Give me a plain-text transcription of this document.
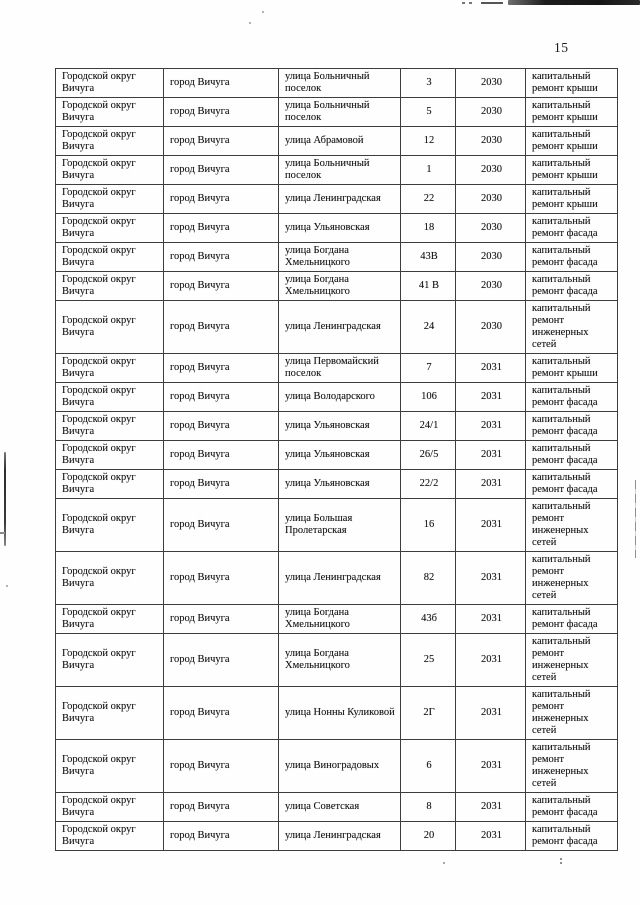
15
Городской округ Вичуга	город Вичуга	улица Больничный поселок	3	2030	капитальный ремонт крыши
Городской округ Вичуга	город Вичуга	улица Больничный поселок	5	2030	капитальный ремонт крыши
Городской округ Вичуга	город Вичуга	улица Абрамовой	12	2030	капитальный ремонт крыши
Городской округ Вичуга	город Вичуга	улица Больничный поселок	1	2030	капитальный ремонт крыши
Городской округ Вичуга	город Вичуга	улица Ленинградская	22	2030	капитальный ремонт крыши
Городской округ Вичуга	город Вичуга	улица Ульяновская	18	2030	капитальный ремонт фасада
Городской округ Вичуга	город Вичуга	улица Богдана Хмельницкого	43В	2030	капитальный ремонт фасада
Городской округ Вичуга	город Вичуга	улица Богдана Хмельницкого	41 В	2030	капитальный ремонт фасада
Городской округ Вичуга	город Вичуга	улица Ленинградская	24	2030	капитальный ремонт инженерных сетей
Городской округ Вичуга	город Вичуга	улица Первомайский поселок	7	2031	капитальный ремонт крыши
Городской округ Вичуга	город Вичуга	улица Володарского	106	2031	капитальный ремонт фасада
Городской округ Вичуга	город Вичуга	улица Ульяновская	24/1	2031	капитальный ремонт фасада
Городской округ Вичуга	город Вичуга	улица Ульяновская	26/5	2031	капитальный ремонт фасада
Городской округ Вичуга	город Вичуга	улица Ульяновская	22/2	2031	капитальный ремонт фасада
Городской округ Вичуга	город Вичуга	улица Большая Пролетарская	16	2031	капитальный ремонт инженерных сетей
Городской округ Вичуга	город Вичуга	улица Ленинградская	82	2031	капитальный ремонт инженерных сетей
Городской округ Вичуга	город Вичуга	улица Богдана Хмельницкого	43б	2031	капитальный ремонт фасада
Городской округ Вичуга	город Вичуга	улица Богдана Хмельницкого	25	2031	капитальный ремонт инженерных сетей
Городской округ Вичуга	город Вичуга	улица Нонны Куликовой	2Г	2031	капитальный ремонт инженерных сетей
Городской округ Вичуга	город Вичуга	улица Виноградовых	6	2031	капитальный ремонт инженерных сетей
Городской округ Вичуга	город Вичуга	улица Советская	8	2031	капитальный ремонт фасада
Городской округ Вичуга	город Вичуга	улица Ленинградская	20	2031	капитальный ремонт фасада
